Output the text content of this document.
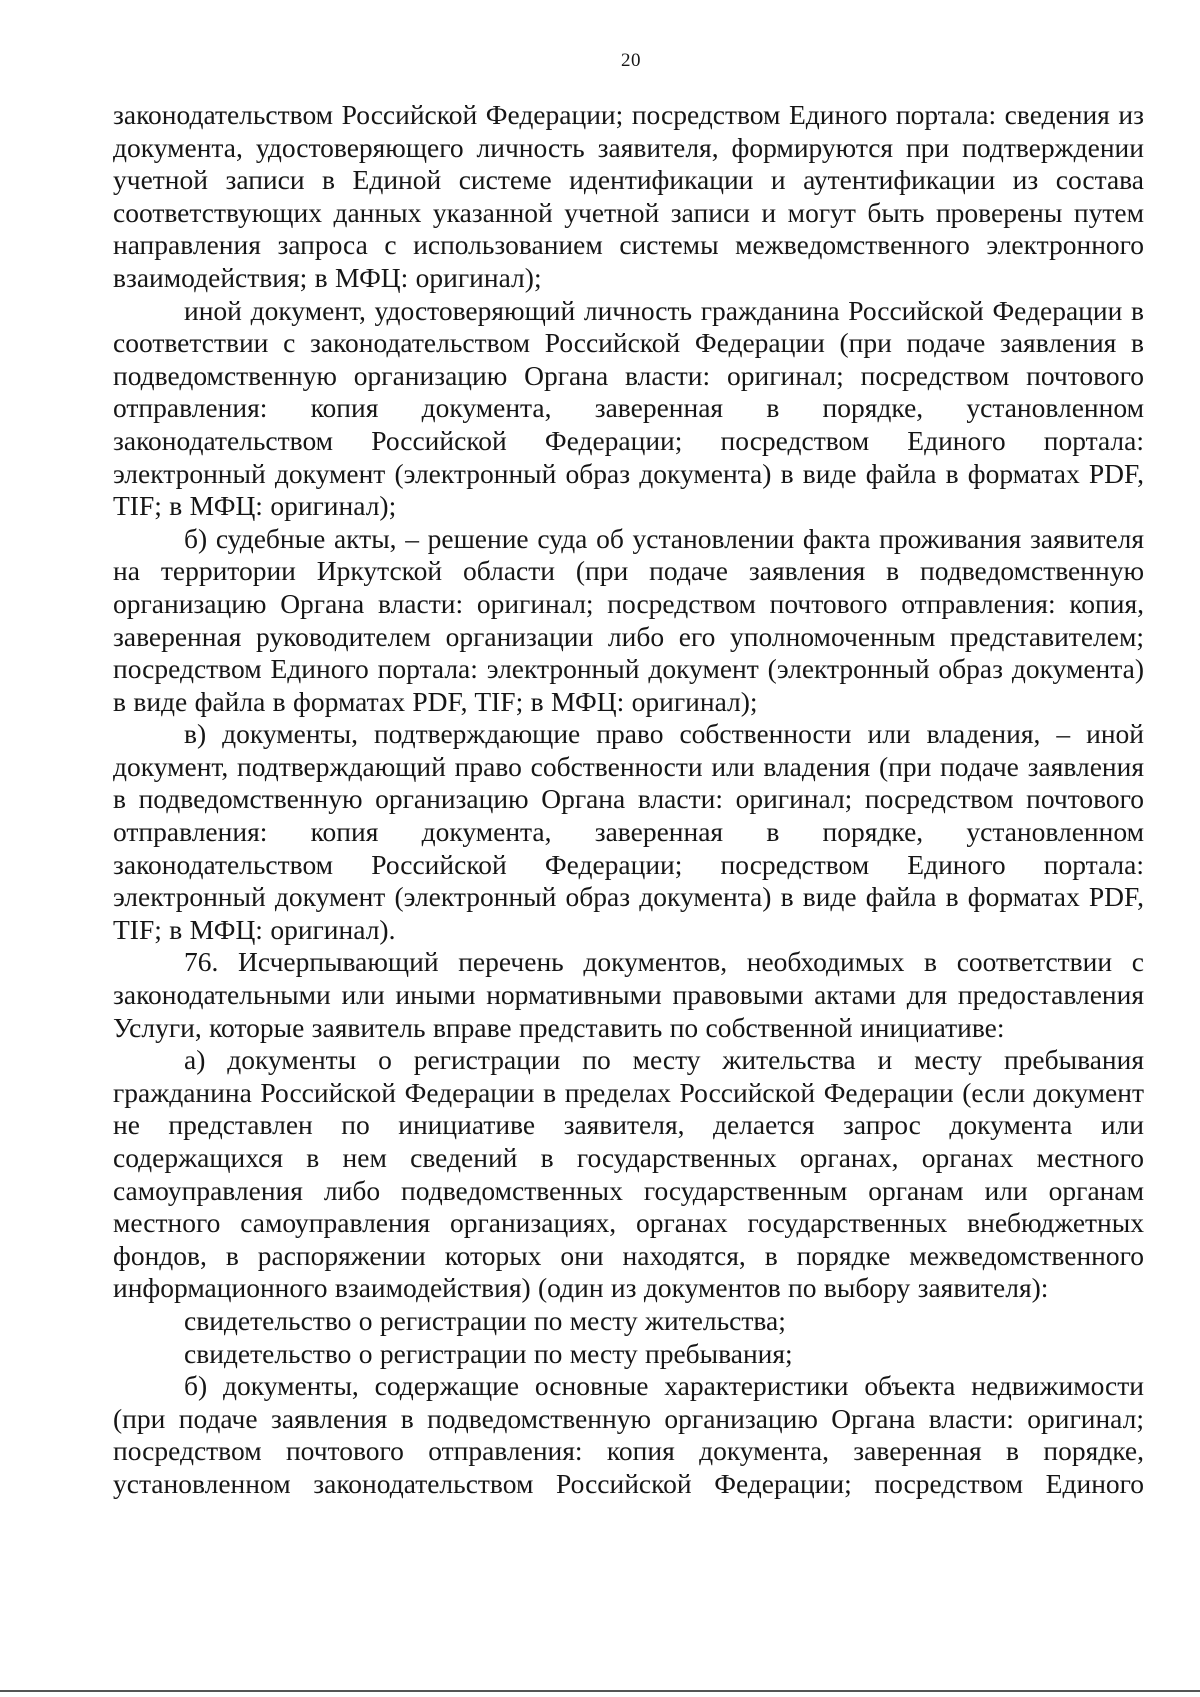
20

законодательством Российской Федерации; посредством Единого портала: сведения из документа, удостоверяющего личность заявителя, формируются при подтверждении учетной записи в Единой системе идентификации и аутентификации из состава соответствующих данных указанной учетной записи и могут быть проверены путем направления запроса с использованием системы межведомственного электронного взаимодействия; в МФЦ: оригинал);

иной документ, удостоверяющий личность гражданина Российской Федерации в соответствии с законодательством Российской Федерации (при подаче заявления в подведомственную организацию Органа власти: оригинал; посредством почтового отправления: копия документа, заверенная в порядке, установленном законодательством Российской Федерации; посредством Единого портала: электронный документ (электронный образ документа) в виде файла в форматах PDF, TIF; в МФЦ: оригинал);

б) судебные акты, – решение суда об установлении факта проживания заявителя на территории Иркутской области (при подаче заявления в подведомственную организацию Органа власти: оригинал; посредством почтового отправления: копия, заверенная руководителем организации либо его уполномоченным представителем; посредством Единого портала: электронный документ (электронный образ документа) в виде файла в форматах PDF, TIF; в МФЦ: оригинал);

в) документы, подтверждающие право собственности или владения, – иной документ, подтверждающий право собственности или владения (при подаче заявления в подведомственную организацию Органа власти: оригинал; посредством почтового отправления: копия документа, заверенная в порядке, установленном законодательством Российской Федерации; посредством Единого портала: электронный документ (электронный образ документа) в виде файла в форматах PDF, TIF; в МФЦ: оригинал).

76. Исчерпывающий перечень документов, необходимых в соответствии с законодательными или иными нормативными правовыми актами для предоставления Услуги, которые заявитель вправе представить по собственной инициативе:

а) документы о регистрации по месту жительства и месту пребывания гражданина Российской Федерации в пределах Российской Федерации (если документ не представлен по инициативе заявителя, делается запрос документа или содержащихся в нем сведений в государственных органах, органах местного самоуправления либо подведомственных государственным органам или органам местного самоуправления организациях, органах государственных внебюджетных фондов, в распоряжении которых они находятся, в порядке межведомственного информационного взаимодействия) (один из документов по выбору заявителя):

свидетельство о регистрации по месту жительства;

свидетельство о регистрации по месту пребывания;

б) документы, содержащие основные характеристики объекта недвижимости (при подаче заявления в подведомственную организацию Органа власти: оригинал; посредством почтового отправления: копия документа, заверенная в порядке, установленном законодательством Российской Федерации; посредством Единого
